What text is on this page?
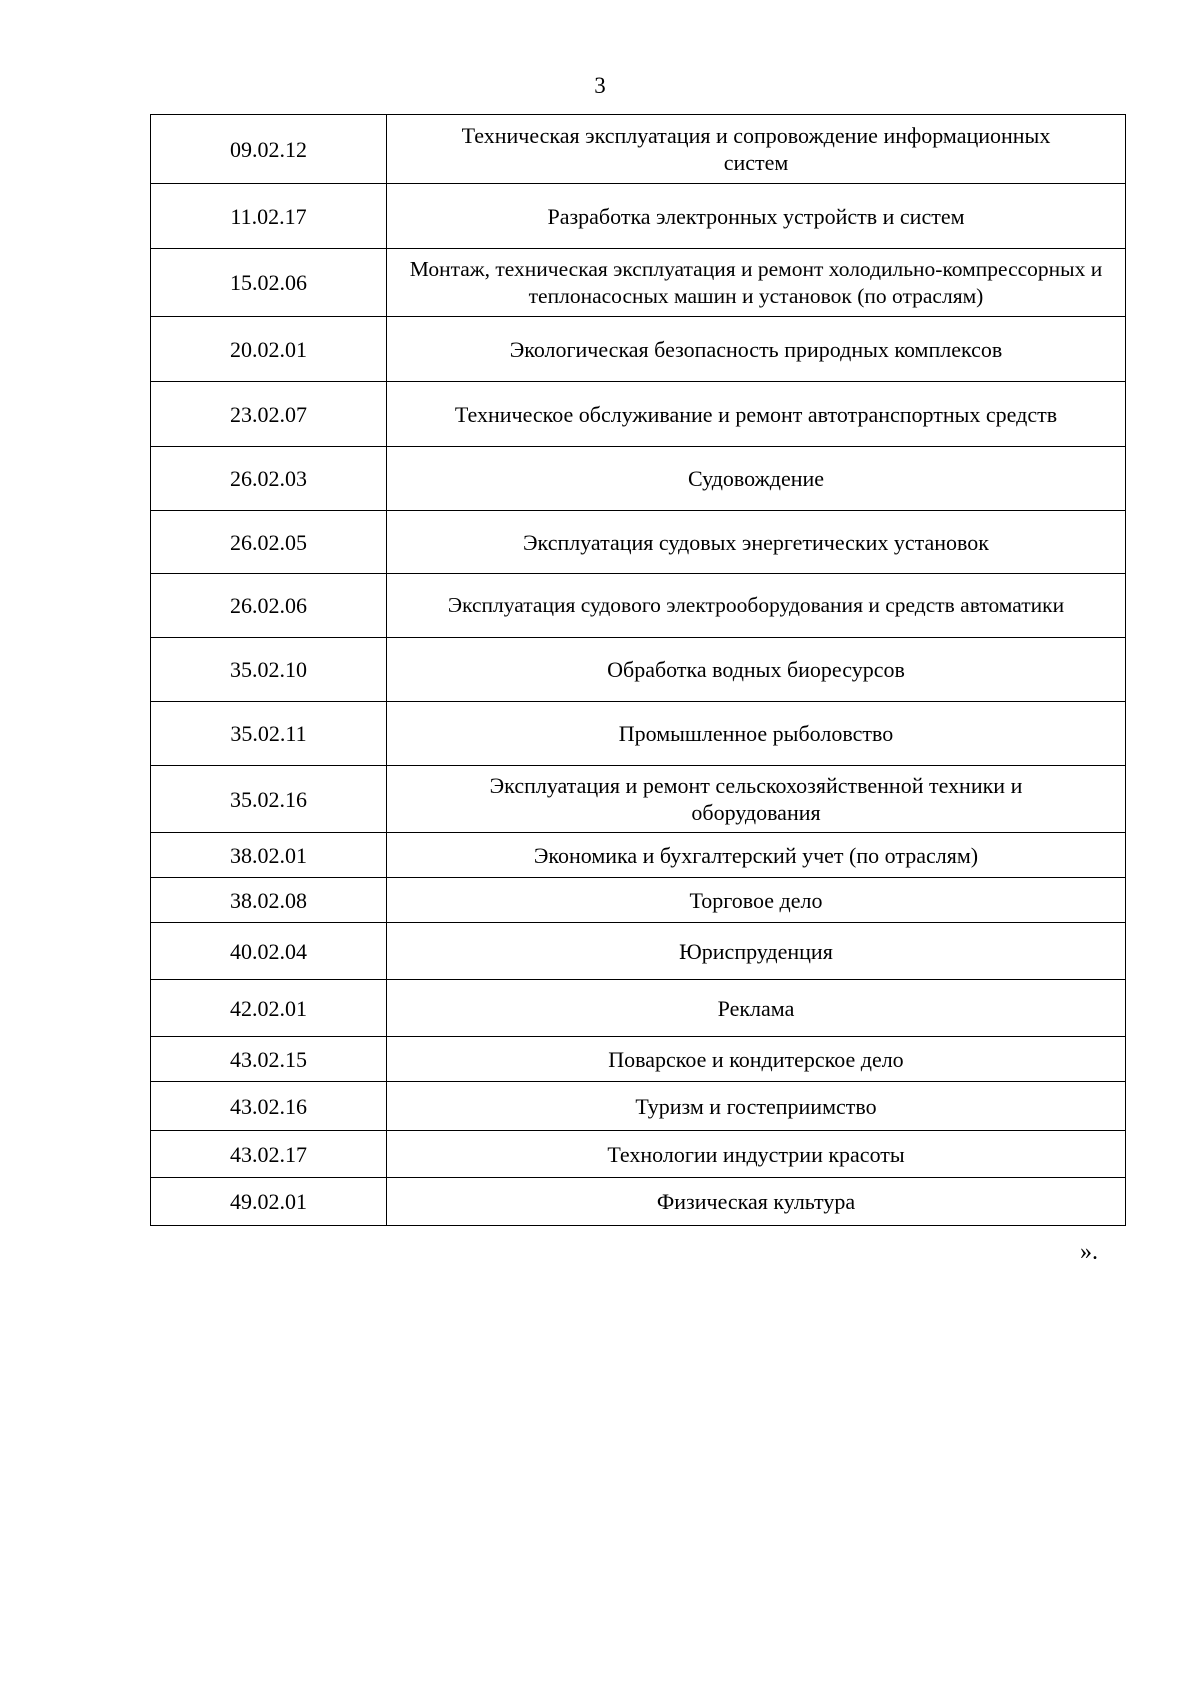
3
09.02.12	Техническая эксплуатация и сопровождение информационных систем
11.02.17	Разработка электронных устройств и систем
15.02.06	Монтаж, техническая эксплуатация и ремонт холодильно-компрессорных и теплонасосных машин и установок (по отраслям)
20.02.01	Экологическая безопасность природных комплексов
23.02.07	Техническое обслуживание и ремонт автотранспортных средств
26.02.03	Судовождение
26.02.05	Эксплуатация судовых энергетических установок
26.02.06	Эксплуатация судового электрооборудования и средств автоматики
35.02.10	Обработка водных биоресурсов
35.02.11	Промышленное рыболовство
35.02.16	Эксплуатация и ремонт сельскохозяйственной техники и оборудования
38.02.01	Экономика и бухгалтерский учет (по отраслям)
38.02.08	Торговое дело
40.02.04	Юриспруденция
42.02.01	Реклама
43.02.15	Поварское и кондитерское дело
43.02.16	Туризм и гостеприимство
43.02.17	Технологии индустрии красоты
49.02.01	Физическая культура
».
